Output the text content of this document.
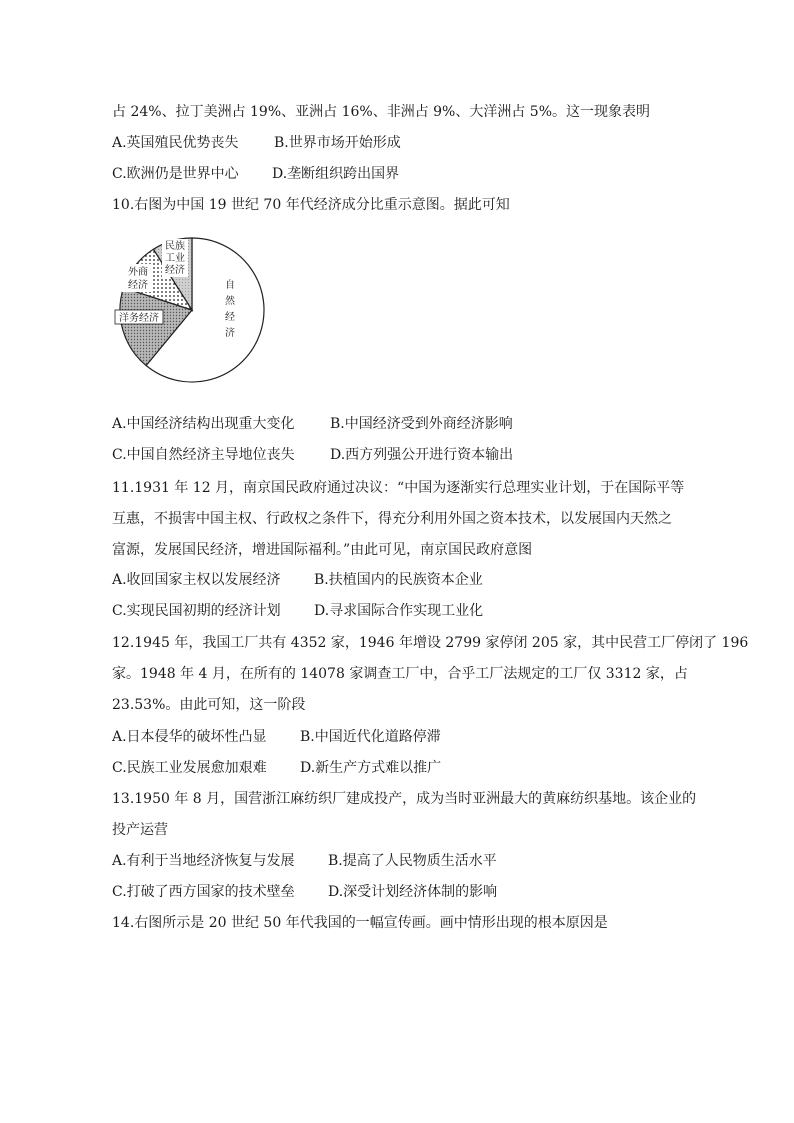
占 24%、拉丁美洲占 19%、亚洲占 16%、非洲占 9%、大洋洲占 5%。这一现象表明
A.英国殖民优势丧失	B.世界市场开始形成
C.欧洲仍是世界中心 D.垄断组织跨出国界
10.右图为中国 19 世纪 70 年代经济成分比重示意图。据此可知
自
然
经
济
洋务经济
外商
经济
民族
工业
经济
A.中国经济结构出现重大变化	B.中国经济受到外商经济影响
C.中国自然经济主导地位丧失	D.西方列强公开进行资本输出
11.1931 年 12 月，南京国民政府通过决议：“中国为逐渐实行总理实业计划，于在国际平等
互惠，不损害中国主权、行政权之条件下，得充分利用外国之资本技术，以发展国内天然之
富源，发展国民经济，增进国际福利。”由此可见，南京国民政府意图
A.收回国家主权以发展经济 B.扶植国内的民族资本企业
C.实现民国初期的经济计划 D.寻求国际合作实现工业化
12.1945 年，我国工厂共有 4352 家，1946 年增设 2799 家停闭 205 家，其中民营工厂停闭了 196
家。1948 年 4 月，在所有的 14078 家调查工厂中，合乎工厂法规定的工厂仅 3312 家，占
23.53%。由此可知，这一阶段
A.日本侵华的破坏性凸显 B.中国近代化道路停滞
C.民族工业发展愈加艰难 D.新生产方式难以推广
13.1950 年 8 月，国营浙江麻纺织厂建成投产，成为当时亚洲最大的黄麻纺织基地。该企业的
投产运营
A.有利于当地经济恢复与发展 B.提高了人民物质生活水平
C.打破了西方国家的技术壁垒 D.深受计划经济体制的影响
14.右图所示是 20 世纪 50 年代我国的一幅宣传画。画中情形出现的根本原因是
